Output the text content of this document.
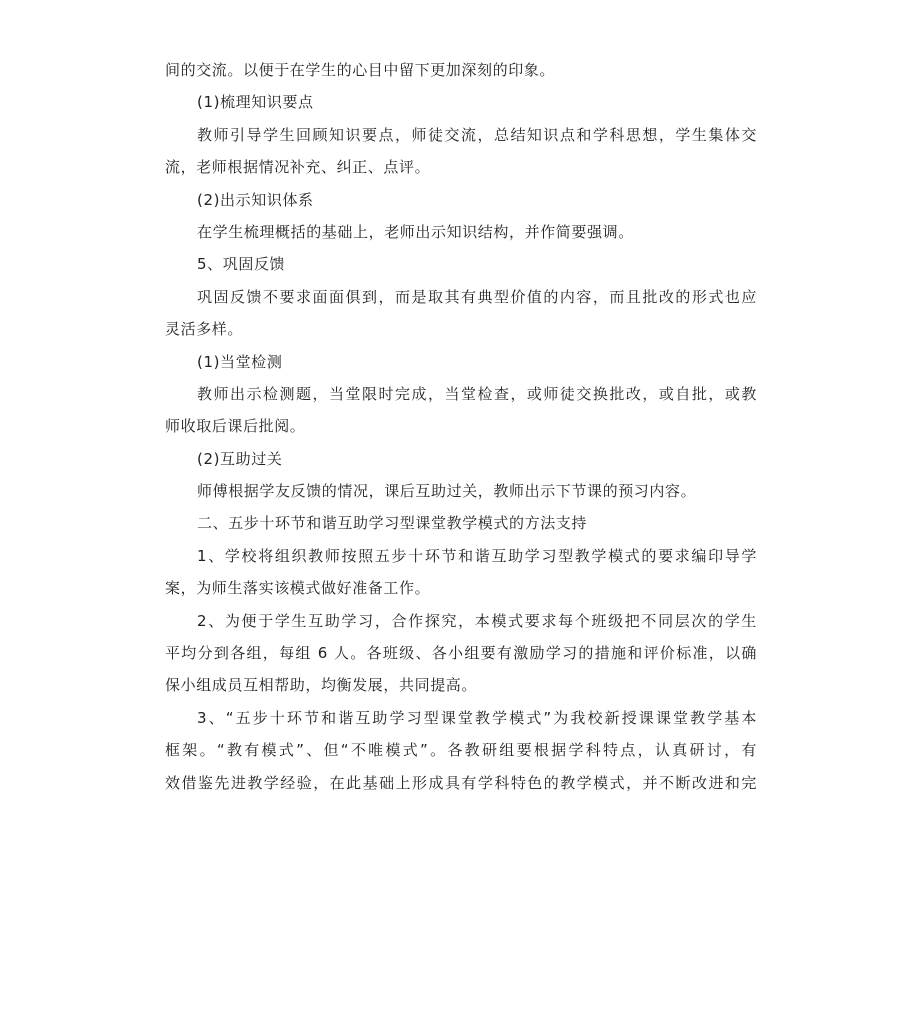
间的交流。以便于在学生的心目中留下更加深刻的印象。
(1)梳理知识要点
教师引导学生回顾知识要点，师徒交流，总结知识点和学科思想，学生集体交
流，老师根据情况补充、纠正、点评。
(2)出示知识体系
在学生梳理概括的基础上，老师出示知识结构，并作简要强调。
5、巩固反馈
巩固反馈不要求面面俱到，而是取其有典型价值的内容，而且批改的形式也应
灵活多样。
(1)当堂检测
教师出示检测题，当堂限时完成，当堂检查，或师徒交换批改，或自批，或教
师收取后课后批阅。
(2)互助过关
师傅根据学友反馈的情况，课后互助过关，教师出示下节课的预习内容。
二、五步十环节和谐互助学习型课堂教学模式的方法支持
1、学校将组织教师按照五步十环节和谐互助学习型教学模式的要求编印导学
案，为师生落实该模式做好准备工作。
2、为便于学生互助学习，合作探究，本模式要求每个班级把不同层次的学生
平均分到各组，每组 6 人。各班级、各小组要有激励学习的措施和评价标准，以确
保小组成员互相帮助，均衡发展，共同提高。
3、“五步十环节和谐互助学习型课堂教学模式”为我校新授课课堂教学基本
框架。“教有模式”、但“不唯模式”。各教研组要根据学科特点，认真研讨，有
效借鉴先进教学经验，在此基础上形成具有学科特色的教学模式，并不断改进和完
